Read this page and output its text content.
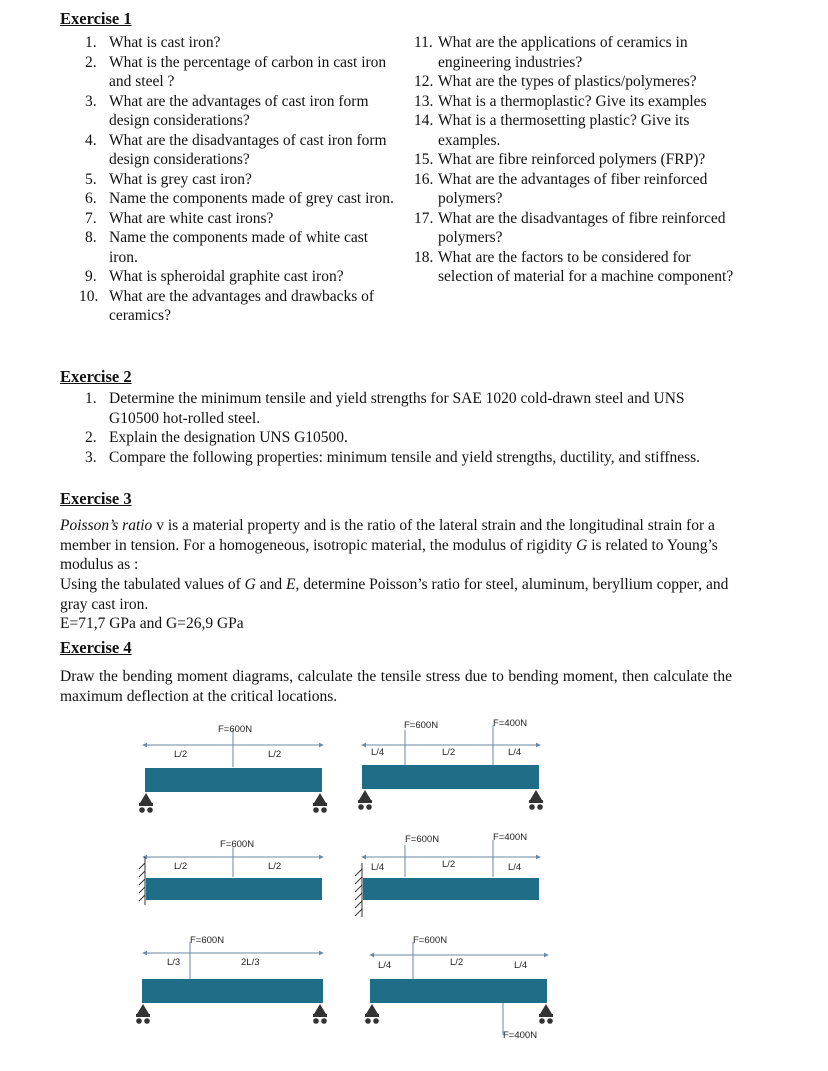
Exercise 1
1. What is cast iron?
2. What is the percentage of carbon in cast iron and steel ?
3. What are the advantages of cast iron form design considerations?
4. What are the disadvantages of cast iron form design considerations?
5. What is grey cast iron?
6. Name the components made of grey cast iron.
7. What are white cast irons?
8. Name the components made of white cast iron.
9. What is spheroidal graphite cast iron?
10. What are the advantages and drawbacks of ceramics?
11. What are the applications of ceramics in engineering industries?
12. What are the types of plastics/polymeres?
13. What is a thermoplastic? Give its examples
14. What is a thermosetting plastic? Give its examples.
15. What are fibre reinforced polymers (FRP)?
16. What are the advantages of fiber reinforced polymers?
17. What are the disadvantages of fibre reinforced polymers?
18. What are the factors to be considered for selection of material for a machine component?
Exercise 2
1. Determine the minimum tensile and yield strengths for SAE 1020 cold-drawn steel and UNS G10500 hot-rolled steel.
2. Explain the designation UNS G10500.
3. Compare the following properties: minimum tensile and yield strengths, ductility, and stiffness.
Exercise 3
Poisson’s ratio v is a material property and is the ratio of the lateral strain and the longitudinal strain for a member in tension. For a homogeneous, isotropic material, the modulus of rigidity G is related to Young’s modulus as :
Using the tabulated values of G and E, determine Poisson’s ratio for steel, aluminum, beryllium copper, and gray cast iron.
E=71,7 GPa and G=26,9 GPa
Exercise 4
Draw the bending moment diagrams, calculate the tensile stress due to bending moment, then calculate the maximum deflection at the critical locations.
F=600N
L/2	L/2
F=600N	F=400N
L/4	L/2	L/4
F=600N
L/2	L/2
F=600N	F=400N
L/4	L/2	L/4
F=600N
L/3	2L/3
F=600N
F=400N
L/4	L/2	L/4
